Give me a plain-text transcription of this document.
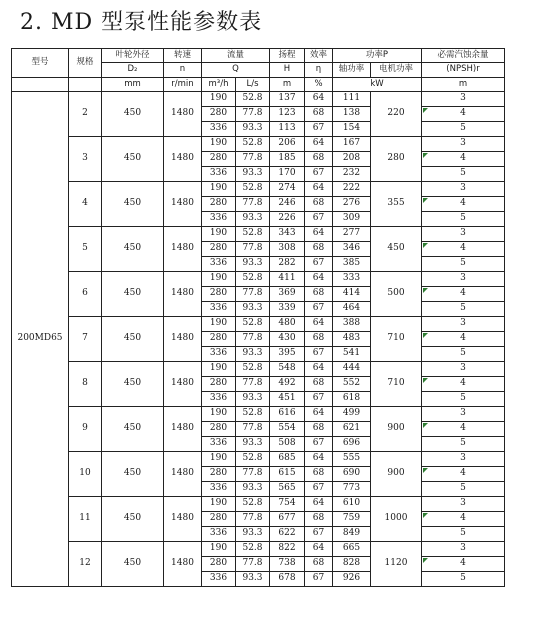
2. MD 型泵性能参数表
型号	规格	叶轮外径	转速	流量		扬程	效率	功率P		必需汽蚀余量
		D₂	n	Q		H	η	轴功率	电机功率	(NPSH)r
		mm	r/min	m³/h	L/s	m	%	kW		m
200MD65	2	450	1480	190	52.8	137	64	111	220	3
				280	77.8	123	68	138		4

				336	93.3	113	67	154		5
	3	450	1480	190	52.8	206	64	167	280	3
				280	77.8	185	68	208		4

				336	93.3	170	67	232		5
	4	450	1480	190	52.8	274	64	222	355	3
				280	77.8	246	68	276		4

				336	93.3	226	67	309		5
	5	450	1480	190	52.8	343	64	277	450	3
				280	77.8	308	68	346		4

				336	93.3	282	67	385		5
	6	450	1480	190	52.8	411	64	333	500	3
				280	77.8	369	68	414		4

				336	93.3	339	67	464		5
	7	450	1480	190	52.8	480	64	388	710	3
				280	77.8	430	68	483		4

				336	93.3	395	67	541		5
	8	450	1480	190	52.8	548	64	444	710	3
				280	77.8	492	68	552		4

				336	93.3	451	67	618		5
	9	450	1480	190	52.8	616	64	499	900	3
				280	77.8	554	68	621		4

				336	93.3	508	67	696		5
	10	450	1480	190	52.8	685	64	555	900	3
				280	77.8	615	68	690		4

				336	93.3	565	67	773		5
	11	450	1480	190	52.8	754	64	610	1000	3
				280	77.8	677	68	759		4

				336	93.3	622	67	849		5
	12	450	1480	190	52.8	822	64	665	1120	3
				280	77.8	738	68	828		4

				336	93.3	678	67	926		5
